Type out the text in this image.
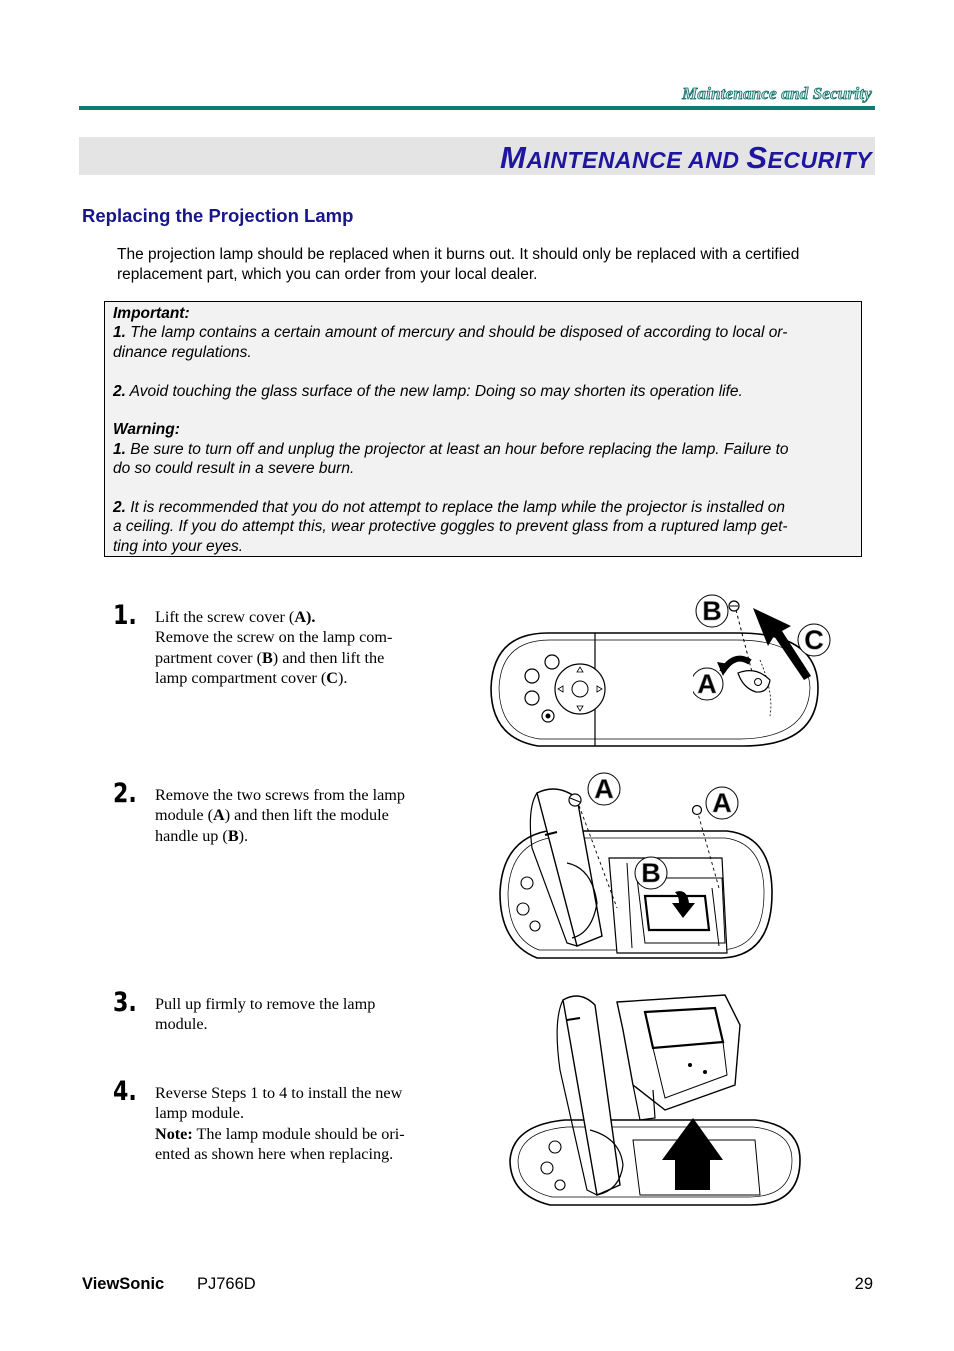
Maintenance and Security
MAINTENANCE AND SECURITY
Replacing the Projection Lamp
The projection lamp should be replaced when it burns out. It should only be replaced with a certified
replacement part, which you can order from your local dealer.

Important:

1. The lamp contains a certain amount of mercury and should be disposed of according to local or-

dinance regulations.

2. Avoid touching the glass surface of the new lamp: Doing so may shorten its operation life.

Warning:

1. Be sure to turn off and unplug the projector at least an hour before replacing the lamp. Failure to

do so could result in a severe burn.

2. It is recommended that you do not attempt to replace the lamp while the projector is installed on

a ceiling. If you do attempt this, wear protective goggles to prevent glass from a ruptured lamp get-

ting into your eyes.

1. Lift the screw cover (A).

Remove the screw on the lamp com-

partment cover (B) and then lift the

lamp compartment cover (C).

B
C
A
2. Remove the two screws from the lamp

module (A) and then lift the module

handle up (B).

A	A
B
3. Pull up firmly to remove the lamp

module.

4. Reverse Steps 1 to 4 to install the new

lamp module.

Note: The lamp module should be ori-

ented as shown here when replacing.

ViewSonic PJ766D	29
